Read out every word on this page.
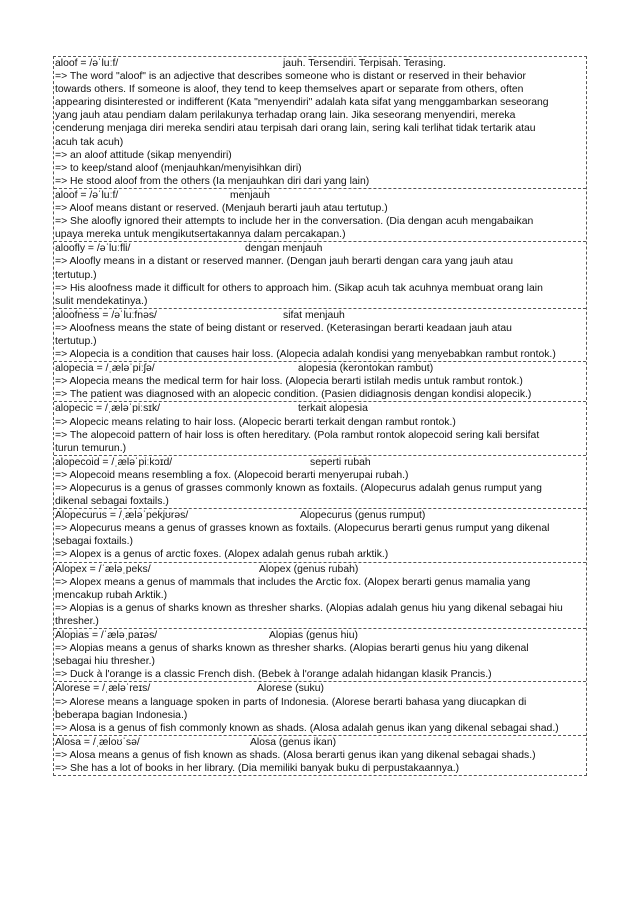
aloof = /əˈluːf/	jauh. Tersendiri. Terpisah. Terasing.
=> The word "aloof" is an adjective that describes someone who is distant or reserved in their behavior
towards others. If someone is aloof, they tend to keep themselves apart or separate from others, often
appearing disinterested or indifferent (Kata "menyendiri" adalah kata sifat yang menggambarkan seseorang
yang jauh atau pendiam dalam perilakunya terhadap orang lain. Jika seseorang menyendiri, mereka
cenderung menjaga diri mereka sendiri atau terpisah dari orang lain, sering kali terlihat tidak tertarik atau
acuh tak acuh)
=> an aloof attitude (sikap menyendiri)
=> to keep/stand aloof (menjauhkan/menyisihkan diri)
=> He stood aloof from the others (Ia menjauhkan diri dari yang lain)
aloof = /əˈluːf/	menjauh
=> Aloof means distant or reserved. (Menjauh berarti jauh atau tertutup.)
=> She aloofly ignored their attempts to include her in the conversation. (Dia dengan acuh mengabaikan
upaya mereka untuk mengikutsertakannya dalam percakapan.)
aloofly = /əˈluːfli/	dengan menjauh
=> Aloofly means in a distant or reserved manner. (Dengan jauh berarti dengan cara yang jauh atau
tertutup.)
=> His aloofness made it difficult for others to approach him. (Sikap acuh tak acuhnya membuat orang lain
sulit mendekatinya.)
aloofness = /əˈluːfnəs/	sifat menjauh
=> Aloofness means the state of being distant or reserved. (Keterasingan berarti keadaan jauh atau
tertutup.)
=> Alopecia is a condition that causes hair loss. (Alopecia adalah kondisi yang menyebabkan rambut rontok.)
alopecia = /ˌæləˈpiːʃə/	alopesia (kerontokan rambut)
=> Alopecia means the medical term for hair loss. (Alopecia berarti istilah medis untuk rambut rontok.)
=> The patient was diagnosed with an alopecic condition. (Pasien didiagnosis dengan kondisi alopecik.)
alopecic = /ˌæləˈpiːsɪk/	terkait alopesia
=> Alopecic means relating to hair loss. (Alopecic berarti terkait dengan rambut rontok.)
=> The alopecoid pattern of hair loss is often hereditary. (Pola rambut rontok alopecoid sering kali bersifat
turun temurun.)
alopecoid = /ˌæləˈpiːkɔɪd/	seperti rubah
=> Alopecoid means resembling a fox. (Alopecoid berarti menyerupai rubah.)
=> Alopecurus is a genus of grasses commonly known as foxtails. (Alopecurus adalah genus rumput yang
dikenal sebagai foxtails.)
Alopecurus = /ˌæləˈpekjʊrəs/	Alopecurus (genus rumput)
=> Alopecurus means a genus of grasses known as foxtails. (Alopecurus berarti genus rumput yang dikenal
sebagai foxtails.)
=> Alopex is a genus of arctic foxes. (Alopex adalah genus rubah arktik.)
Alopex = /ˈæləˌpeks/	Alopex (genus rubah)
=> Alopex means a genus of mammals that includes the Arctic fox. (Alopex berarti genus mamalia yang
mencakup rubah Arktik.)
=> Alopias is a genus of sharks known as thresher sharks. (Alopias adalah genus hiu yang dikenal sebagai hiu
thresher.)
Alopias = /ˈæləˌpaɪəs/	Alopias (genus hiu)
=> Alopias means a genus of sharks known as thresher sharks. (Alopias berarti genus hiu yang dikenal
sebagai hiu thresher.)
=> Duck à l'orange is a classic French dish. (Bebek à l'orange adalah hidangan klasik Prancis.)
Alorese = /ˌæləˈreɪs/	Alorese (suku)
=> Alorese means a language spoken in parts of Indonesia. (Alorese berarti bahasa yang diucapkan di
beberapa bagian Indonesia.)
=> Alosa is a genus of fish commonly known as shads. (Alosa adalah genus ikan yang dikenal sebagai shad.)
Alosa = /ˌæloʊˈsə/	Alosa (genus ikan)
=> Alosa means a genus of fish known as shads. (Alosa berarti genus ikan yang dikenal sebagai shads.)
=> She has a lot of books in her library. (Dia memiliki banyak buku di perpustakaannya.)
